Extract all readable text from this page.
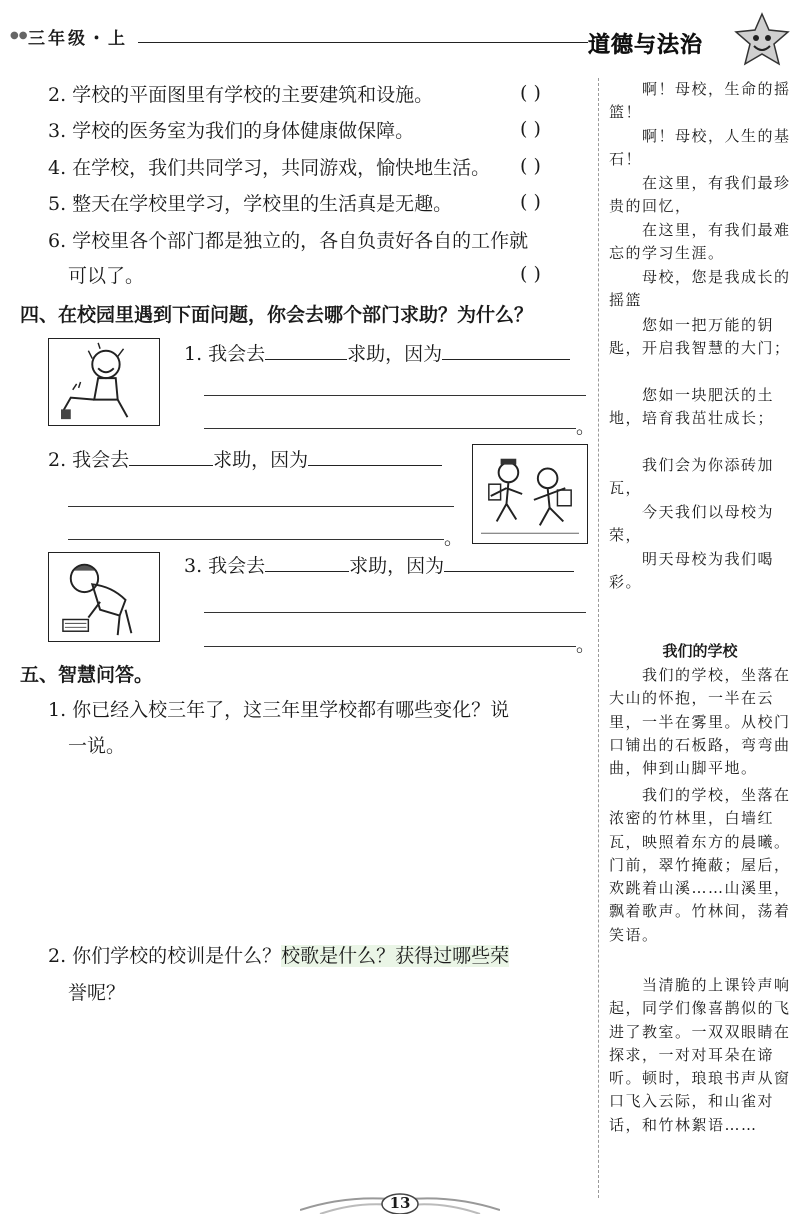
●● 三年级・上	道德与法治
2. 学校的平面图里有学校的主要建筑和设施。	( )
3. 学校的医务室为我们的身体健康做保障。	( )
4. 在学校，我们共同学习，共同游戏，愉快地生活。 ( )
5. 整天在学校里学习，学校里的生活真是无趣。	( )
6. 学校里各个部门都是独立的，各自负责好各自的工作就
可以了。	( )
四、在校园里遇到下面问题，你会去哪个部门求助？为什么？
1. 我会去	求助，因为
。
2. 我会去	求助，因为
。
3. 我会去	求助，因为
。
五、智慧问答。
1. 你已经入校三年了，这三年里学校都有哪些变化？说
一说。
2. 你们学校的校训是什么？校歌是什么？获得过哪些荣
誉呢？
　　啊！母校，生命的摇篮！
　　啊！母校，人生的基石！
　　在这里，有我们最珍贵的回忆，
　　在这里，有我们最难忘的学习生涯。
　　母校，您是我成长的摇篮
　　您如一把万能的钥匙，开启我智慧的大门；
　　您如一块肥沃的土地，培育我茁壮成长；
　　我们会为你添砖加瓦，
　　今天我们以母校为荣，
　　明天母校为我们喝彩。
我们的学校
　　我们的学校，坐落在大山的怀抱，一半在云里，一半在雾里。从校门口铺出的石板路，弯弯曲曲，伸到山脚平地。
　　我们的学校，坐落在浓密的竹林里，白墙红瓦，映照着东方的晨曦。门前，翠竹掩蔽；屋后，欢跳着山溪……山溪里，飘着歌声。竹林间，荡着笑语。
　　当清脆的上课铃声响起，同学们像喜鹊似的飞进了教室。一双双眼睛在探求，一对对耳朵在谛听。顿时，琅琅书声从窗口飞入云际，和山雀对话，和竹林絮语……
13
